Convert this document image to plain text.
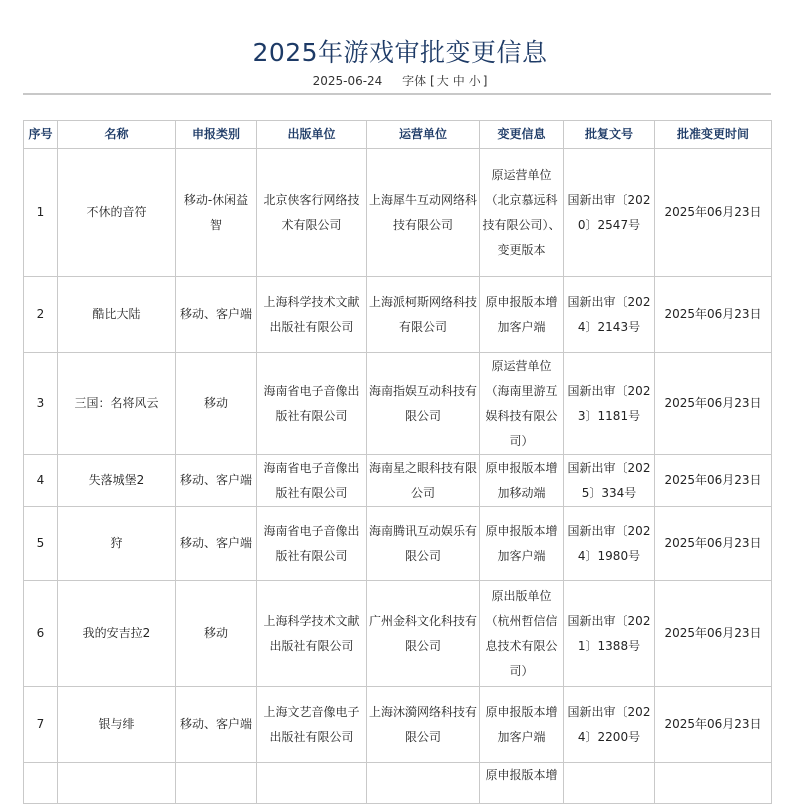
2025年游戏审批变更信息
2025-06-24 字体 [ 大 中 小 ]
序号	名称	申报类别	出版单位	运营单位	变更信息	批复文号	批准变更时间
1	不休的音符	移动-休闲益智	北京侠客行网络技术有限公司	上海犀牛互动网络科技有限公司	原运营单位（北京慕远科技有限公司）、变更版本	国新出审〔2020〕2547号	2025年06月23日
2	酷比大陆	移动、客户端	上海科学技术文献出版社有限公司	上海派柯斯网络科技有限公司	原申报版本增加客户端	国新出审〔2024〕2143号	2025年06月23日
3	三国：名将风云	移动	海南省电子音像出版社有限公司	海南指娱互动科技有限公司	原运营单位（海南里游互娱科技有限公司）	国新出审〔2023〕1181号	2025年06月23日
4	失落城堡2	移动、客户端	海南省电子音像出版社有限公司	海南星之眼科技有限公司	原申报版本增加移动端	国新出审〔2025〕334号	2025年06月23日
5	狩	移动、客户端	海南省电子音像出版社有限公司	海南腾讯互动娱乐有限公司	原申报版本增加客户端	国新出审〔2024〕1980号	2025年06月23日
6	我的安吉拉2	移动	上海科学技术文献出版社有限公司	广州金科文化科技有限公司	原出版单位（杭州哲信信息技术有限公司）	国新出审〔2021〕1388号	2025年06月23日
7	银与绯	移动、客户端	上海文艺音像电子出版社有限公司	上海沐漪网络科技有限公司	原申报版本增加客户端	国新出审〔2024〕2200号	2025年06月23日
					原申报版本增		
